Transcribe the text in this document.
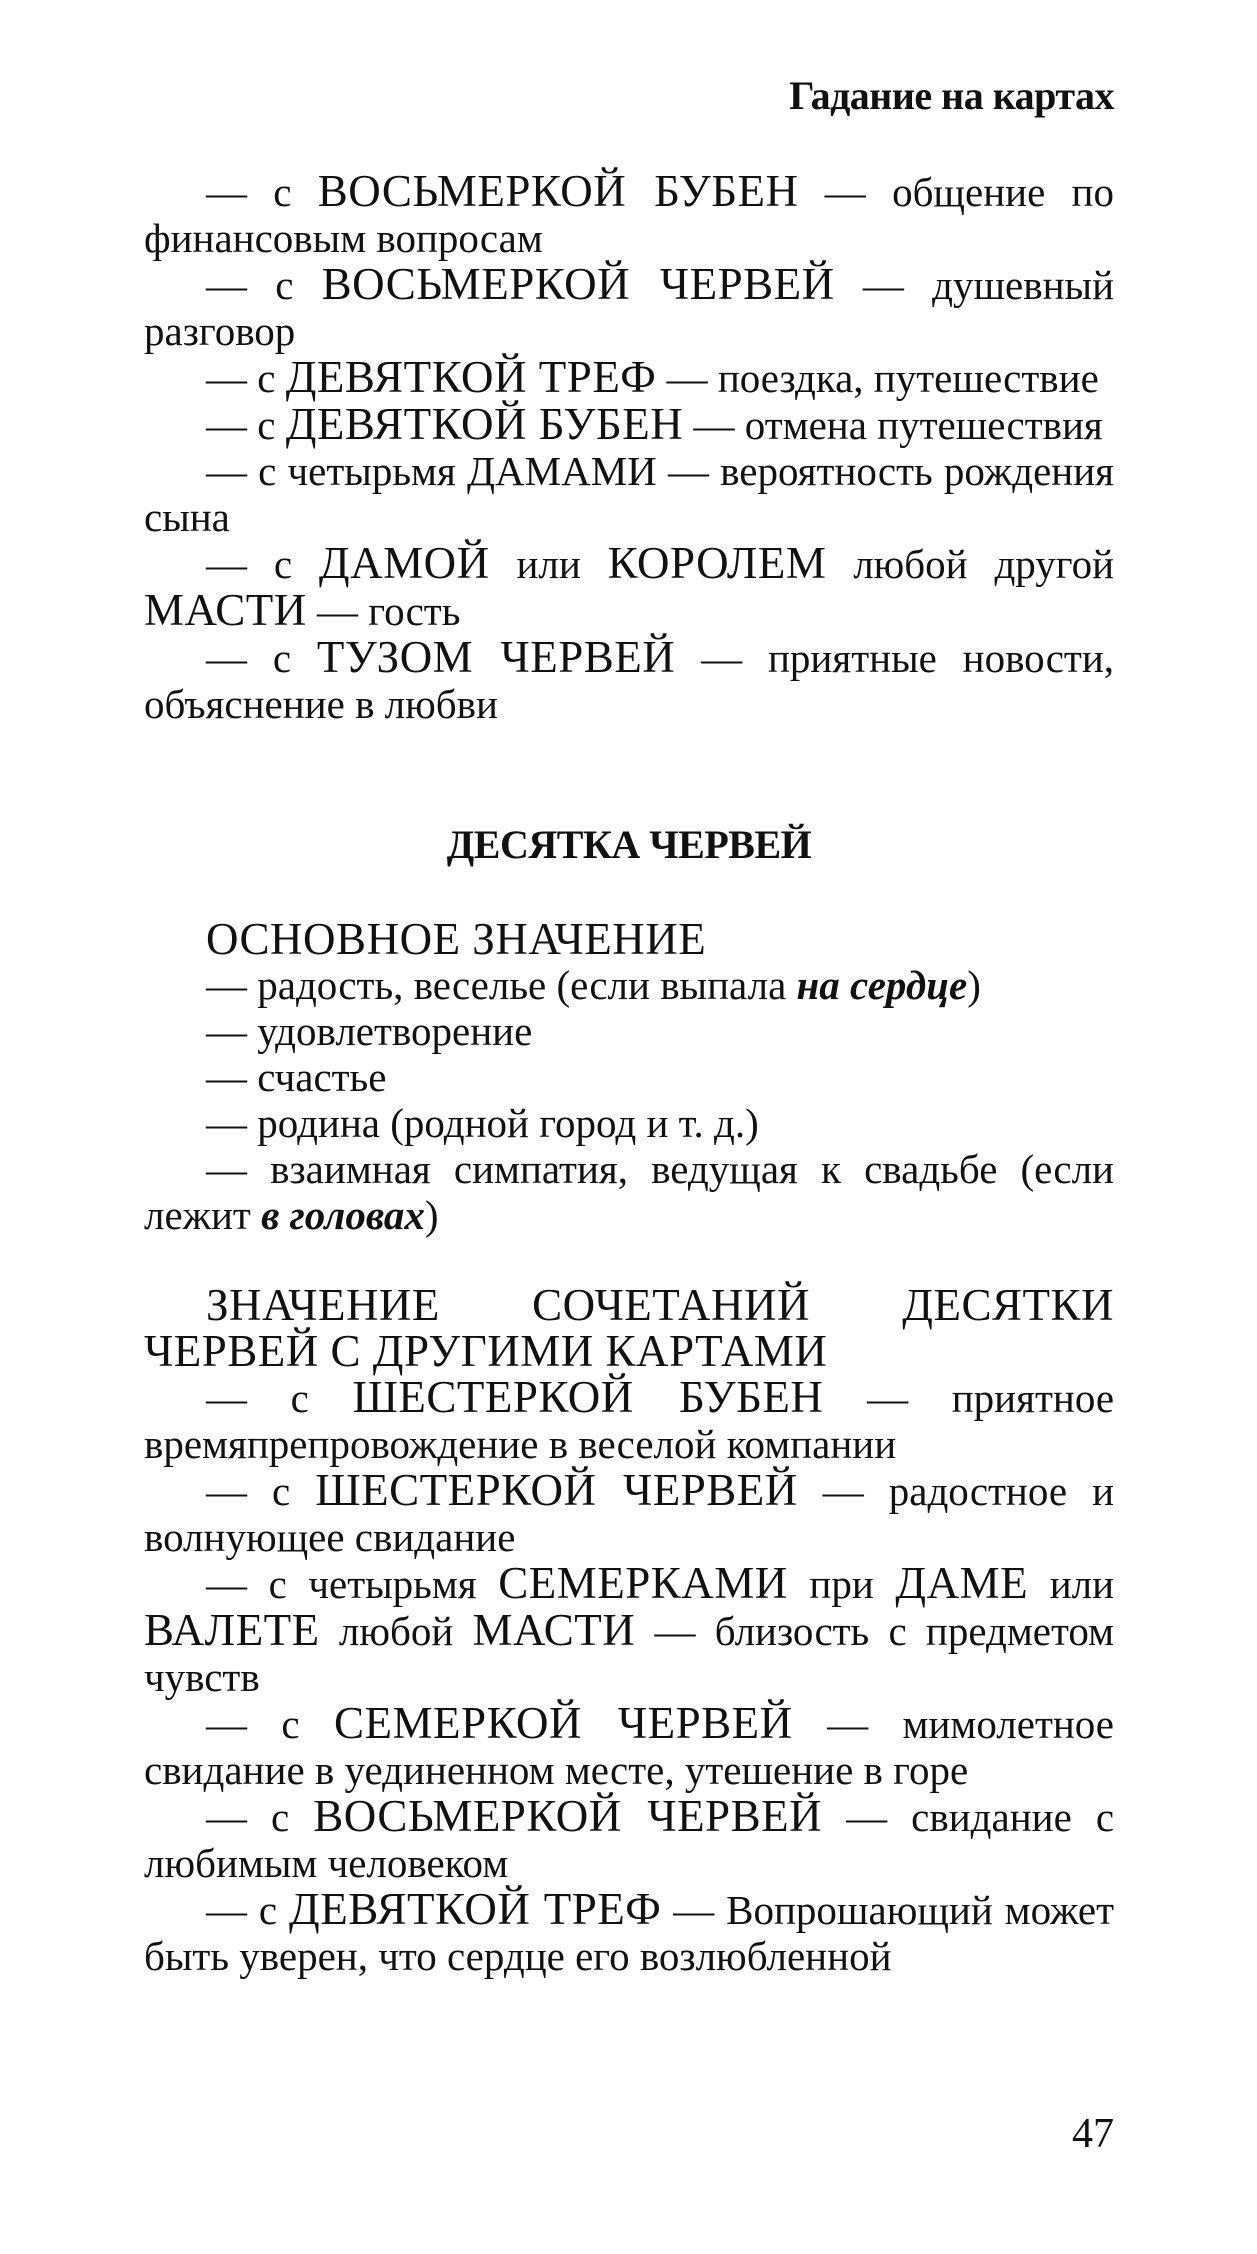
Гадание на картах

— с ВОСЬМЕРКОЙ БУБЕН — общение по финансовым вопросам

— с ВОСЬМЕРКОЙ ЧЕРВЕЙ — душевный разговор

— с ДЕВЯТКОЙ ТРЕФ — поездка, путешествие

— с ДЕВЯТКОЙ БУБЕН — отмена путешествия

— с четырьмя ДАМАМИ — вероятность рождения сына

— с ДАМОЙ или КОРОЛЕМ любой другой МАСТИ — гость

— с ТУЗОМ ЧЕРВЕЙ — приятные новости, объяснение в любви

ДЕСЯТКА ЧЕРВЕЙ

ОСНОВНОЕ ЗНАЧЕНИЕ

— радость, веселье (если выпала на сердце)

— удовлетворение

— счастье

— родина (родной город и т. д.)

— взаимная симпатия, ведущая к свадьбе (если лежит в головах)

ЗНАЧЕНИЕ СОЧЕТАНИЙ ДЕСЯТКИ ЧЕРВЕЙ С ДРУГИМИ КАРТАМИ

— с ШЕСТЕРКОЙ БУБЕН — приятное времяпрепровождение в веселой компании

— с ШЕСТЕРКОЙ ЧЕРВЕЙ — радостное и волнующее свидание

— с четырьмя СЕМЕРКАМИ при ДАМЕ или ВАЛЕТЕ любой МАСТИ — близость с предметом чувств

— с СЕМЕРКОЙ ЧЕРВЕЙ — мимолетное свидание в уединенном месте, утешение в горе

— с ВОСЬМЕРКОЙ ЧЕРВЕЙ — свидание с любимым человеком

— с ДЕВЯТКОЙ ТРЕФ — Вопрошающий может быть уверен, что сердце его возлюбленной

47
